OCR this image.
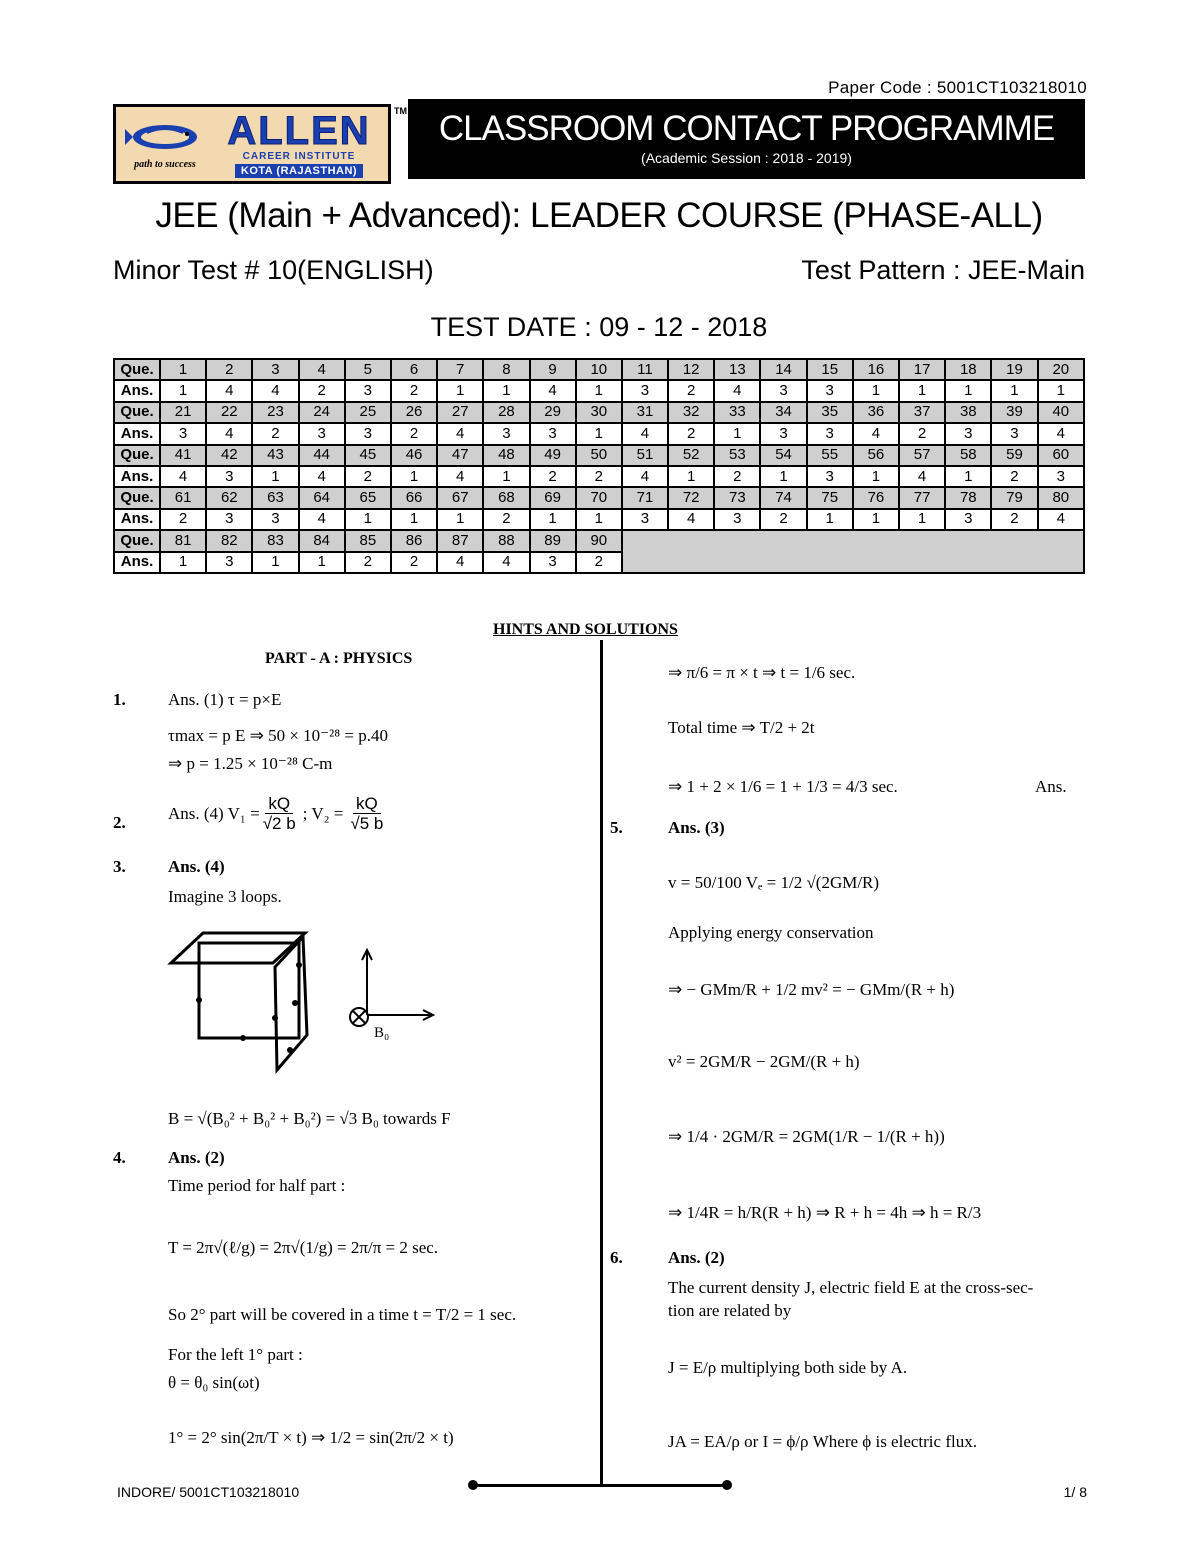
Paper Code : 5001CT103218010
path to success
ALLEN
CAREER INSTITUTE
KOTA (RAJASTHAN)
TM CLASSROOM CONTACT PROGRAMME
(Academic Session : 2018 - 2019)
JEE (Main + Advanced): LEADER COURSE (PHASE-ALL)
Minor Test # 10(ENGLISH)	Test Pattern : JEE-Main
TEST DATE : 09 - 12 - 2018
Que.	1	2	3	4	5	6	7	8	9	10	11	12	13	14	15	16	17	18	19	20
Ans.	1	4	4	2	3	2	1	1	4	1	3	2	4	3	3	1	1	1	1	1
Que.	21	22	23	24	25	26	27	28	29	30	31	32	33	34	35	36	37	38	39	40
Ans.	3	4	2	3	3	2	4	3	3	1	4	2	1	3	3	4	2	3	3	4
Que.	41	42	43	44	45	46	47	48	49	50	51	52	53	54	55	56	57	58	59	60
Ans.	4	3	1	4	2	1	4	1	2	2	4	1	2	1	3	1	4	1	2	3
Que.	61	62	63	64	65	66	67	68	69	70	71	72	73	74	75	76	77	78	79	80
Ans.	2	3	3	4	1	1	1	2	1	1	3	4	3	2	1	1	1	3	2	4
Que.	81	82	83	84	85	86	87	88	89	90										
Ans.	1	3	1	1	2	2	4	4	3	2										
HINTS AND SOLUTIONS
PART - A : PHYSICS
1. Ans. (1) τ = p×E
τmax = p E ⇒ 50 × 10⁻²⁸ = p.40
⇒ p = 1.25 × 10⁻²⁸ C-m
2. Ans. (4) $V_1 = \frac{kQ}{√2 b}$ ; $V_2 = \frac{kQ}{√5 b}$
3. Ans. (4)
Imagine 3 loops.
B₀
B = √(B₀² + B₀² + B₀²) = √3 B₀ towards F
4. Ans. (2)
Time period for half part :
T = 2π√(ℓ/g) = 2π√(1/g) = 2π/π = 2 sec.
So 2° part will be covered in a time t = T/2 = 1 sec.
For the left 1° part :
θ = θ₀ sin(ωt)
1° = 2° sin(2π/T × t) ⇒ 1/2 = sin(2π/2 × t)
⇒ π/6 = π × t ⇒ t = 1/6 sec.
Total time ⇒ T/2 + 2t
⇒ 1 + 2 × 1/6 = 1 + 1/3 = 4/3 sec.	Ans.
5.	Ans. (3)
v = 50/100 Vₑ = 1/2 √(2GM/R)
Applying energy conservation
⇒ − GMm/R + 1/2 mv² = − GMm/(R + h)
v² = 2GM/R − 2GM/(R + h)
⇒ 1/4 · 2GM/R = 2GM(1/R − 1/(R + h))
⇒ 1/4R = h/R(R + h) ⇒ R + h = 4h ⇒ h = R/3
6.	Ans. (2)
The current density J, electric field E at the cross-sec-
tion are related by
J = E/ρ multiplying both side by A.
JA = EA/ρ or I = ϕ/ρ Where ϕ is electric flux.
INDORE/ 5001CT103218010	1/ 8
